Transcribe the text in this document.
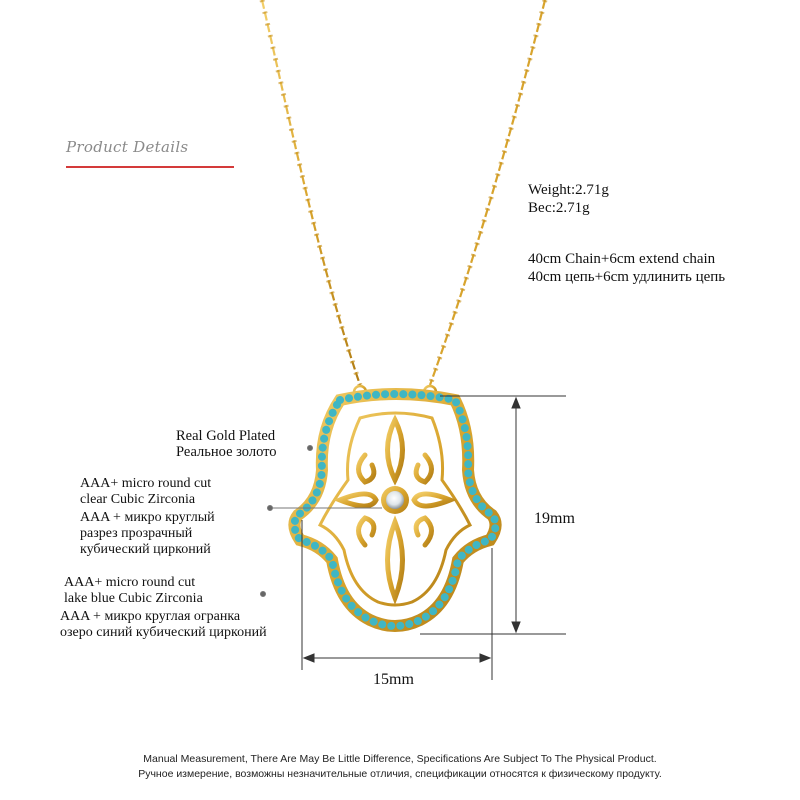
Product Details
Weight:2.71g
Вес:2.71g
40cm Chain+6cm extend chain
40cm цепь+6cm удлинить цепь
Real Gold Plated
Реальное золото
AAA+ micro round cut
clear Cubic Zirconia
AAA + микро круглый
разрез прозрачный
кубический цирконий
AAA+ micro round cut
lake blue Cubic Zirconia
AAA + микро круглая огранка
озеро синий кубический цирконий
19mm
15mm
Manual Measurement, There Are May Be Little Difference, Specifications Are Subject To The Physical Product.
Ручное измерение, возможны незначительные отличия, спецификации относятся к физическому продукту.
